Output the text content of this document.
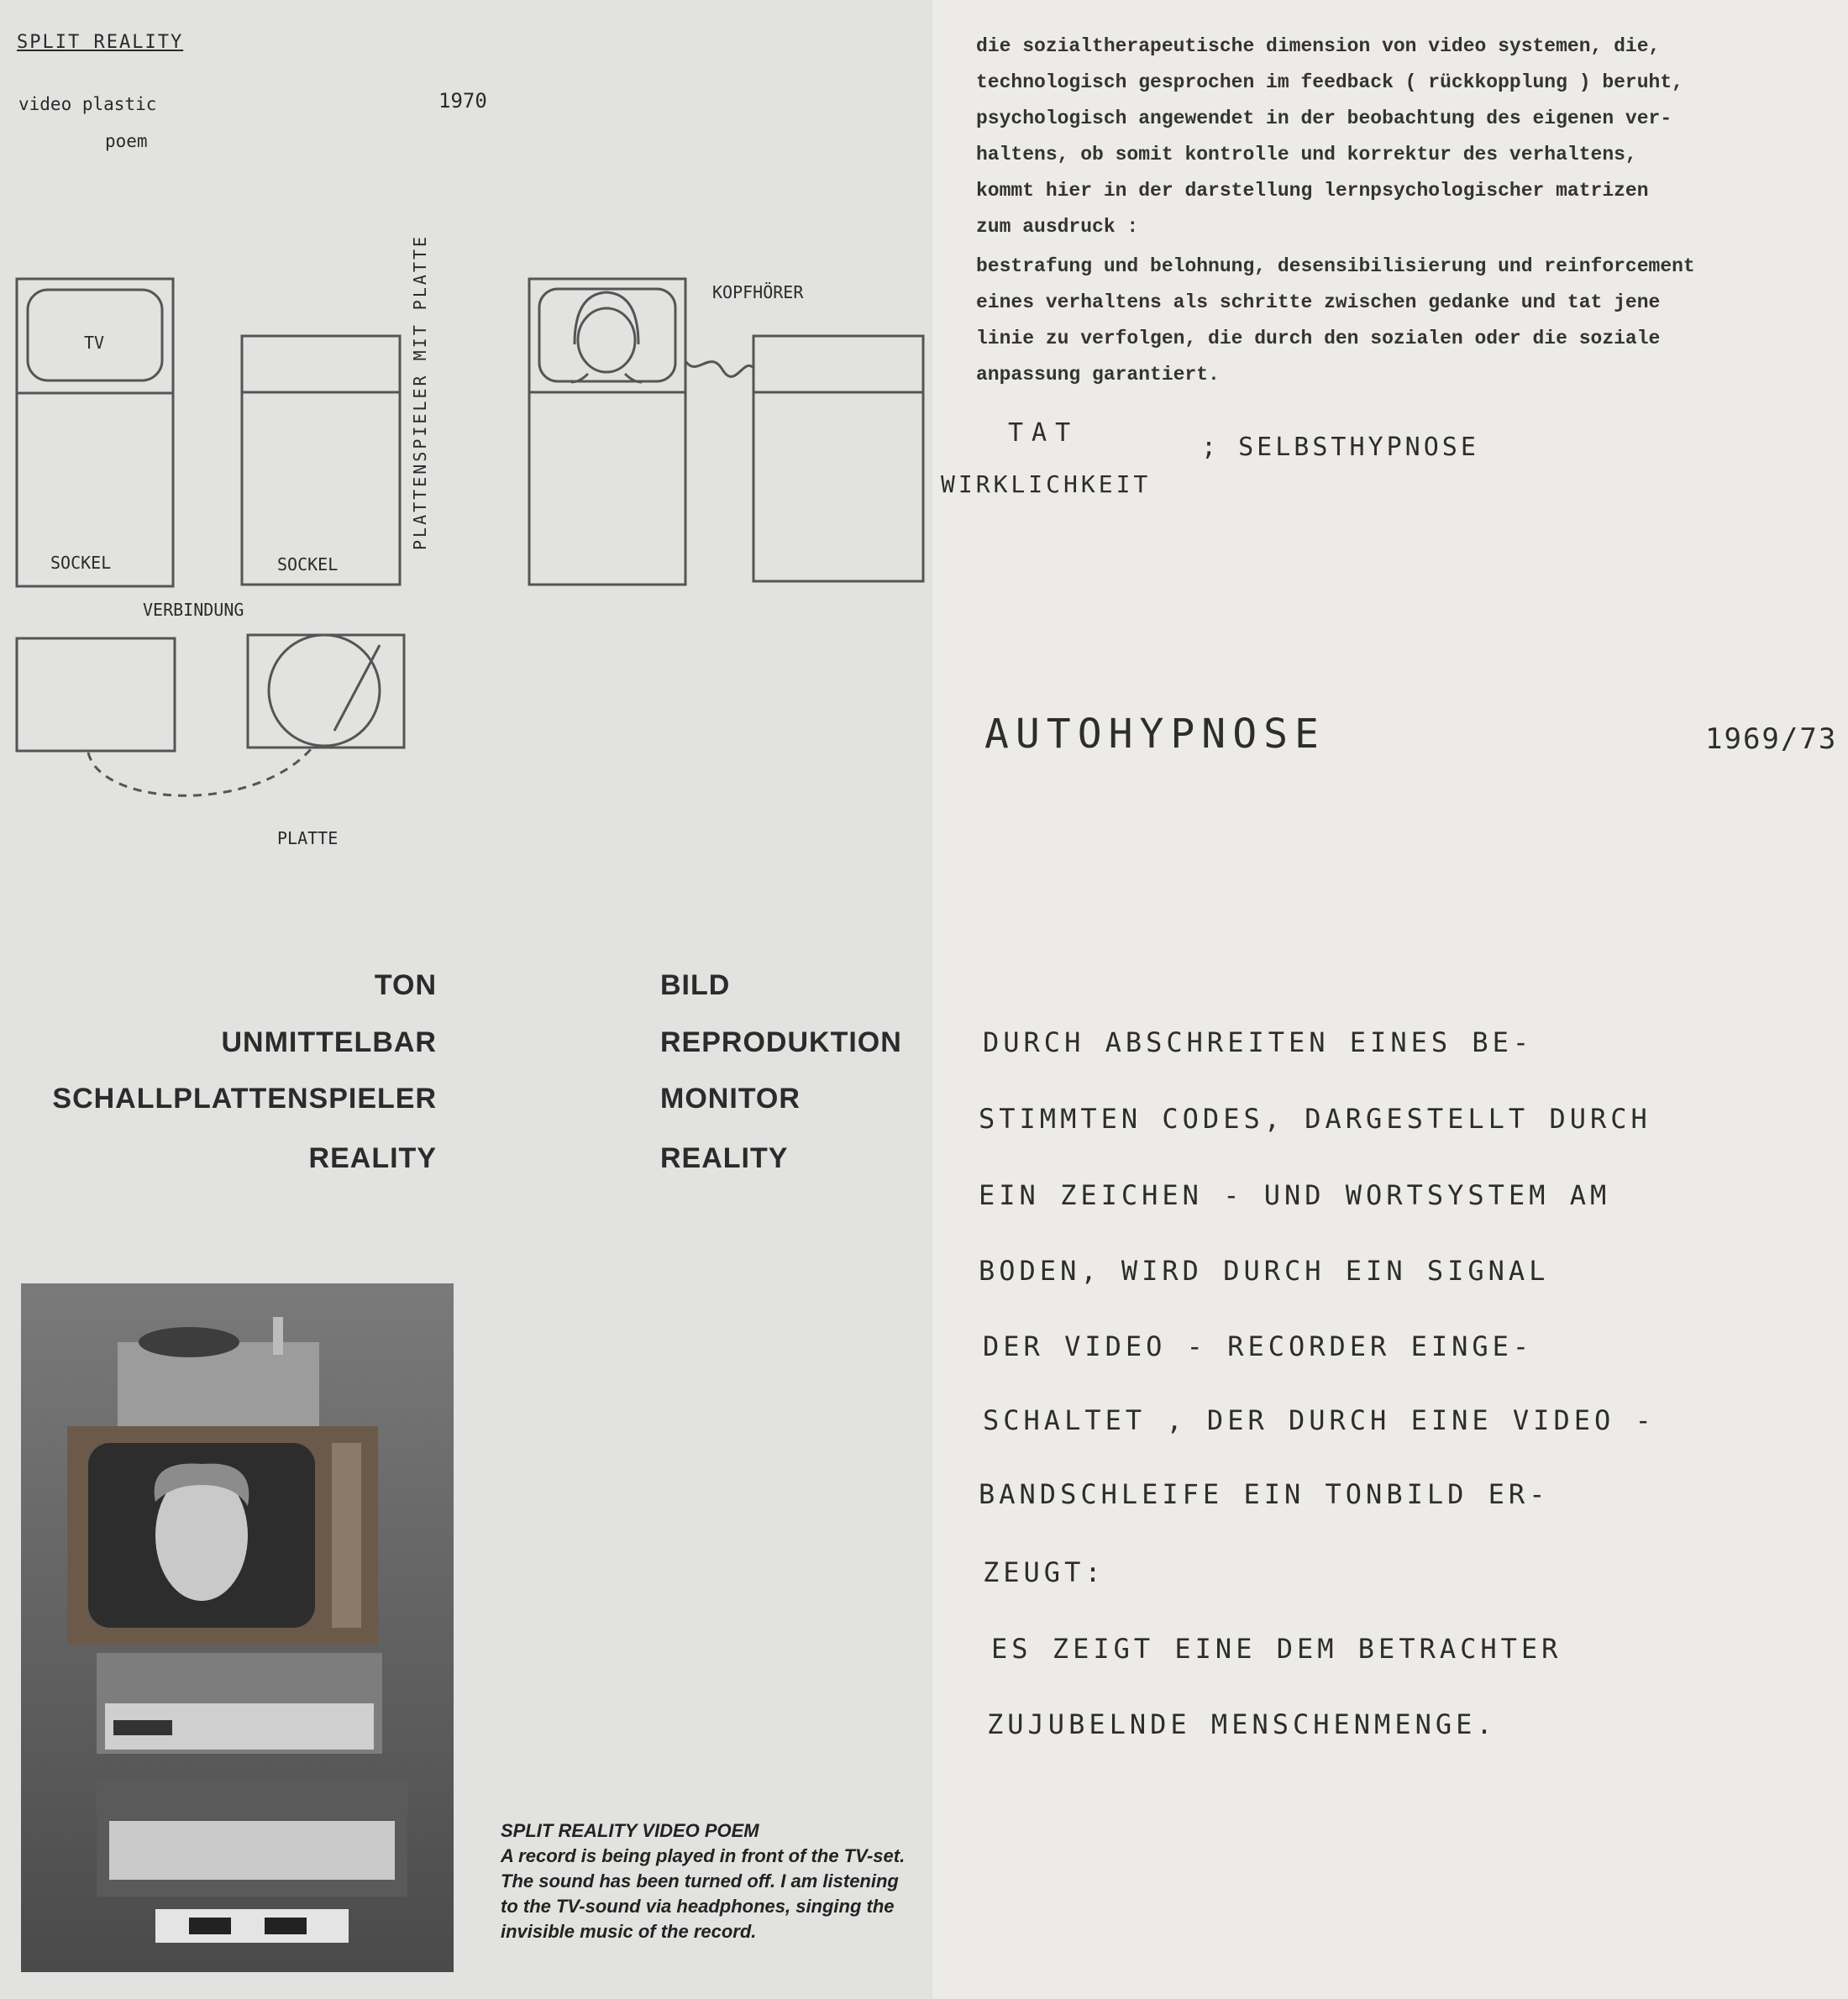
SPLIT REALITY
video plastic
poem
1970
PLATTENSPIELER MIT PLATTE
TV
SOCKEL	SOCKEL
KOPFHÖRER
VERBINDUNG
PLATTE
TON	BILD
UNMITTELBAR	REPRODUKTION
SCHALLPLATTENSPIELER	MONITOR
REALITY	REALITY
SPLIT REALITY VIDEO POEM
A record is being played in front of the TV-set. The sound has been turned off. I am listening to the TV-sound via headphones, singing the invisible music of the record.
die sozialtherapeutische dimension von video systemen, die,
technologisch gesprochen im feedback ( rückkopplung ) beruht,
psychologisch angewendet in der beobachtung des eigenen ver-
haltens, ob somit kontrolle und korrektur des verhaltens,
kommt hier in der darstellung lernpsychologischer matrizen
zum ausdruck :
bestrafung und belohnung, desensibilisierung und reinforcement
eines verhaltens als schritte zwischen gedanke und tat jene
linie zu verfolgen, die durch den sozialen oder die soziale
anpassung garantiert.
TAT
WIRKLICHKEIT
; SELBSTHYPNOSE
AUTOHYPNOSE	1969/73
DURCH ABSCHREITEN EINES BE-
STIMMTEN CODES, DARGESTELLT DURCH
EIN ZEICHEN - UND WORTSYSTEM AM
BODEN, WIRD DURCH EIN SIGNAL
DER VIDEO - RECORDER EINGE-
SCHALTET , DER DURCH EINE VIDEO -
BANDSCHLEIFE EIN TONBILD ER-
ZEUGT:
ES ZEIGT EINE DEM BETRACHTER
ZUJUBELNDE MENSCHENMENGE.
